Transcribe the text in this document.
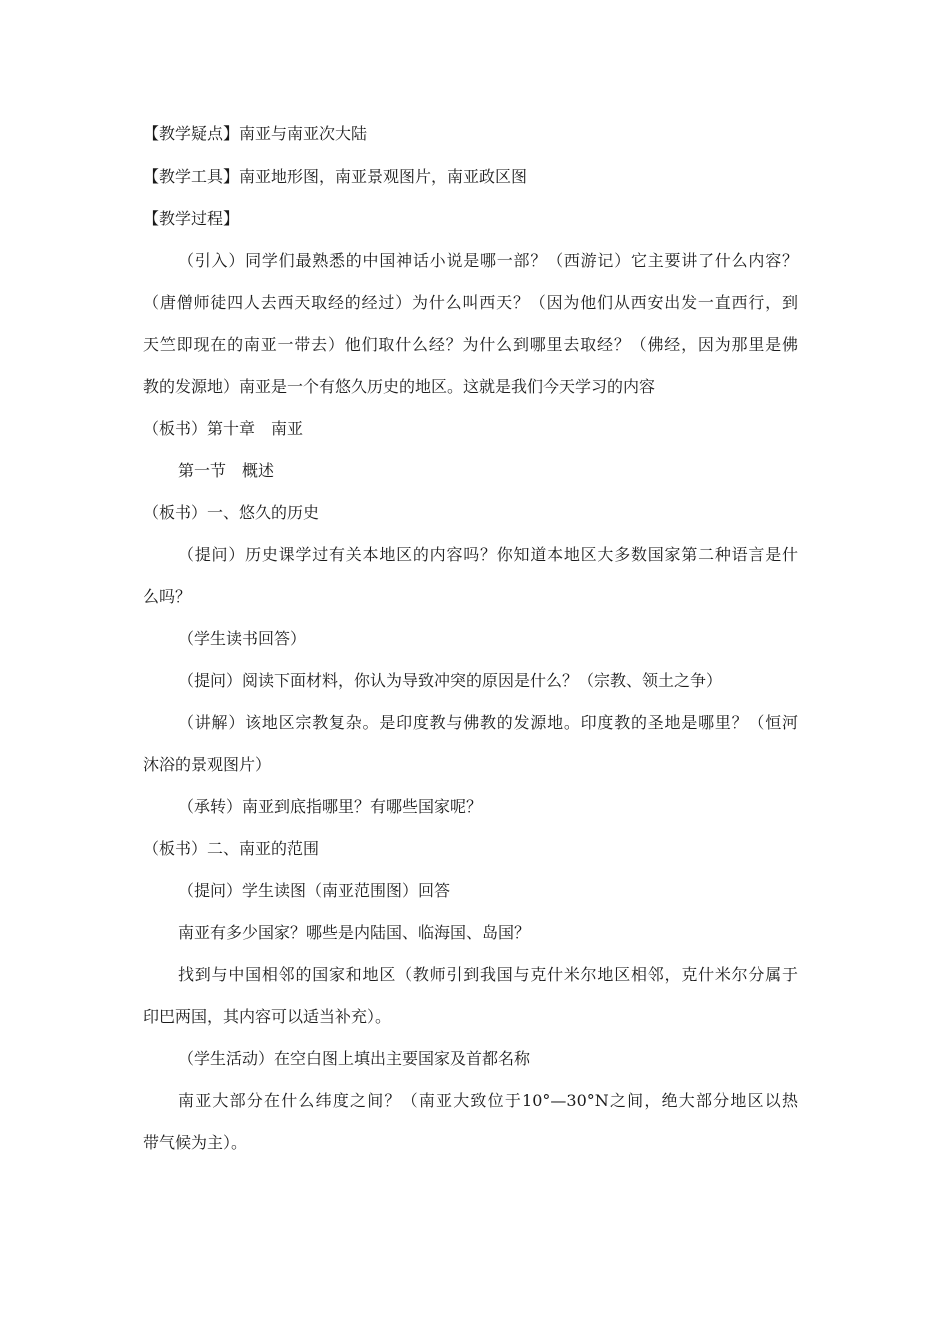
【教学疑点】南亚与南亚次大陆
【教学工具】南亚地形图，南亚景观图片，南亚政区图
【教学过程】
（引入）同学们最熟悉的中国神话小说是哪一部？（西游记）它主要讲了什么内容？
（唐僧师徒四人去西天取经的经过）为什么叫西天？（因为他们从西安出发一直西行，到
天竺即现在的南亚一带去）他们取什么经？为什么到哪里去取经？（佛经，因为那里是佛
教的发源地）南亚是一个有悠久历史的地区。这就是我们今天学习的内容
（板书）第十章　南亚
第一节　概述
（板书）一、悠久的历史
（提问）历史课学过有关本地区的内容吗？你知道本地区大多数国家第二种语言是什
么吗？
（学生读书回答）
（提问）阅读下面材料，你认为导致冲突的原因是什么？（宗教、领土之争）
（讲解）该地区宗教复杂。是印度教与佛教的发源地。印度教的圣地是哪里？（恒河
沐浴的景观图片）
（承转）南亚到底指哪里？有哪些国家呢？
（板书）二、南亚的范围
（提问）学生读图（南亚范围图）回答
南亚有多少国家？哪些是内陆国、临海国、岛国？
找到与中国相邻的国家和地区（教师引到我国与克什米尔地区相邻，克什米尔分属于
印巴两国，其内容可以适当补充）。
（学生活动）在空白图上填出主要国家及首都名称
南亚大部分在什么纬度之间？（南亚大致位于10°—30°N之间，绝大部分地区以热
带气候为主）。
